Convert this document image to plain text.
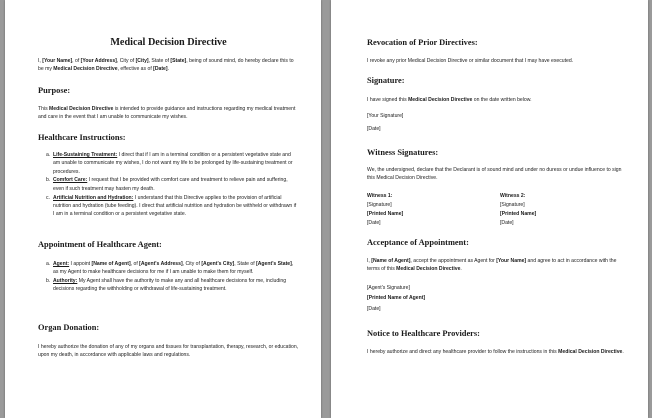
Medical Decision Directive

I, [Your Name], of [Your Address], City of [City], State of [State], being of sound mind, do hereby declare this to be my Medical Decision Directive, effective as of [Date].

Purpose:

This Medical Decision Directive is intended to provide guidance and instructions regarding my medical treatment and care in the event that I am unable to communicate my wishes.

Healthcare Instructions:
a. Life-Sustaining Treatment: I direct that if I am in a terminal condition or a persistent vegetative state and am unable to communicate my wishes, I do not want my life to be prolonged by life-sustaining treatment or procedures.
b. Comfort Care: I request that I be provided with comfort care and treatment to relieve pain and suffering, even if such treatment may hasten my death.
c. Artificial Nutrition and Hydration: I understand that this Directive applies to the provision of artificial nutrition and hydration (tube feeding). I direct that artificial nutrition and hydration be withheld or withdrawn if I am in a terminal condition or a persistent vegetative state.
Appointment of Healthcare Agent:
a. Agent: I appoint [Name of Agent], of [Agent's Address], City of [Agent's City], State of [Agent's State], as my Agent to make healthcare decisions for me if I am unable to make them for myself.
b. Authority: My Agent shall have the authority to make any and all healthcare decisions for me, including decisions regarding the withholding or withdrawal of life-sustaining treatment.
Organ Donation:

I hereby authorize the donation of any of my organs and tissues for transplantation, therapy, research, or education, upon my death, in accordance with applicable laws and regulations.

Revocation of Prior Directives:

I revoke any prior Medical Decision Directive or similar document that I may have executed.

Signature:

I have signed this Medical Decision Directive on the date written below.

[Your Signature]
[Date]
Witness Signatures:

We, the undersigned, declare that the Declarant is of sound mind and under no duress or undue influence to sign this Medical Decision Directive.

Witness 1:
[Signature]
[Printed Name]
[Date]
Witness 2:
[Signature]
[Printed Name]
[Date]
Acceptance of Appointment:

I, [Name of Agent], accept the appointment as Agent for [Your Name] and agree to act in accordance with the terms of this Medical Decision Directive.

[Agent's Signature]
[Printed Name of Agent]
[Date]
Notice to Healthcare Providers:

I hereby authorize and direct any healthcare provider to follow the instructions in this Medical Decision Directive.
